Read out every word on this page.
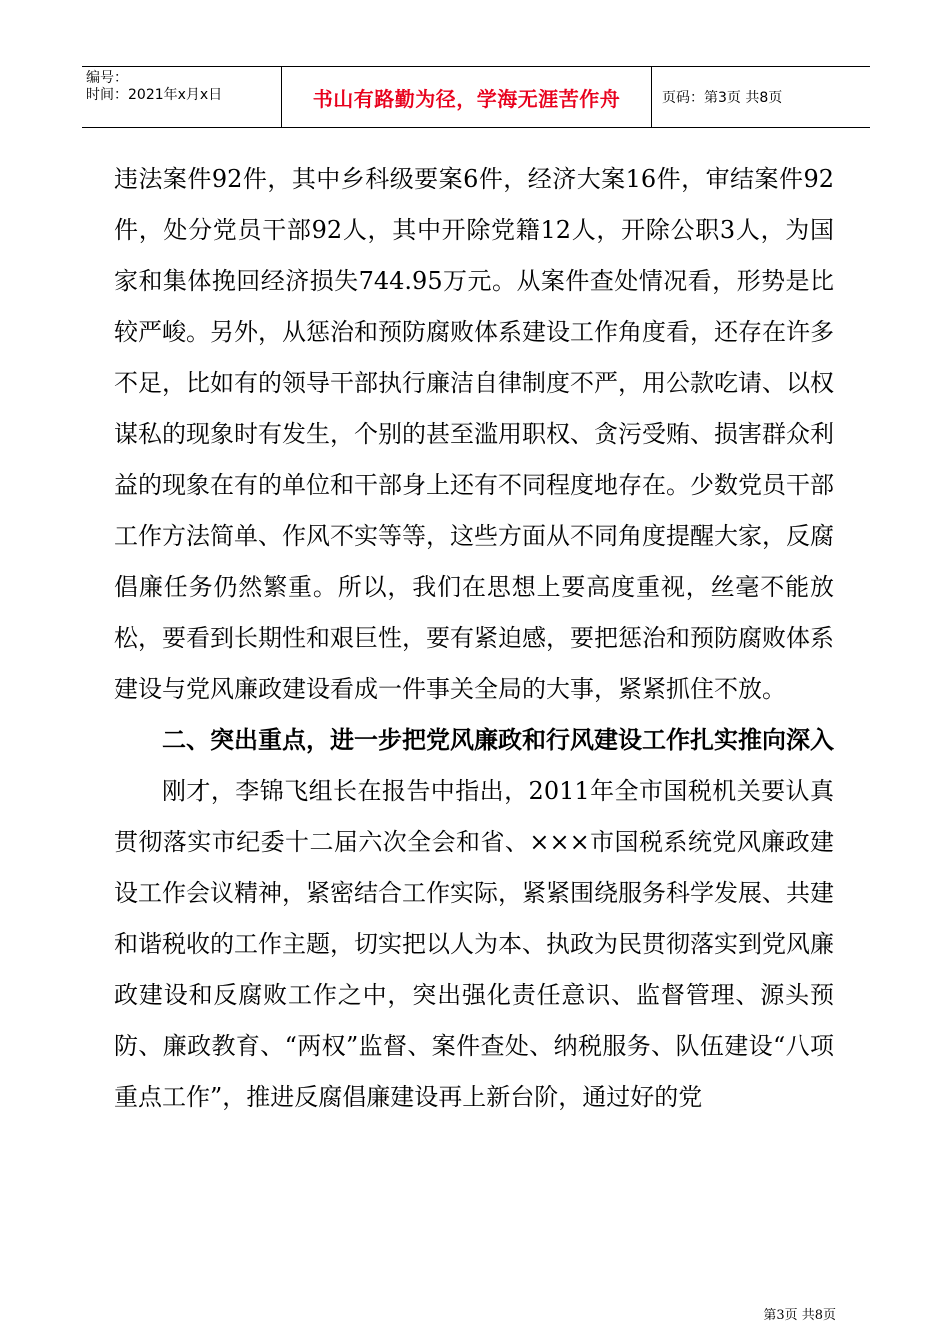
编号：
时间：2021年x月x日	书山有路勤为径，学海无涯苦作舟	页码：第3页 共8页

违法案件92件，其中乡科级要案6件，经济大案16件，审结案件92件，处分党员干部92人，其中开除党籍12人，开除公职3人，为国家和集体挽回经济损失744.95万元。从案件查处情况看，形势是比较严峻。另外，从惩治和预防腐败体系建设工作角度看，还存在许多不足，比如有的领导干部执行廉洁自律制度不严，用公款吃请、以权谋私的现象时有发生，个别的甚至滥用职权、贪污受贿、损害群众利益的现象在有的单位和干部身上还有不同程度地存在。少数党员干部工作方法简单、作风不实等等，这些方面从不同角度提醒大家，反腐倡廉任务仍然繁重。所以，我们在思想上要高度重视，丝毫不能放松，要看到长期性和艰巨性，要有紧迫感，要把惩治和预防腐败体系建设与党风廉政建设看成一件事关全局的大事，紧紧抓住不放。

二、突出重点，进一步把党风廉政和行风建设工作扎实推向深入

刚才，李锦飞组长在报告中指出，2011年全市国税机关要认真贯彻落实市纪委十二届六次全会和省、×××市国税系统党风廉政建设工作会议精神，紧密结合工作实际，紧紧围绕服务科学发展、共建和谐税收的工作主题，切实把以人为本、执政为民贯彻落实到党风廉政建设和反腐败工作之中，突出强化责任意识、监督管理、源头预防、廉政教育、“两权”监督、案件查处、纳税服务、队伍建设“八项重点工作”，推进反腐倡廉建设再上新台阶，通过好的党

第3页 共8页
